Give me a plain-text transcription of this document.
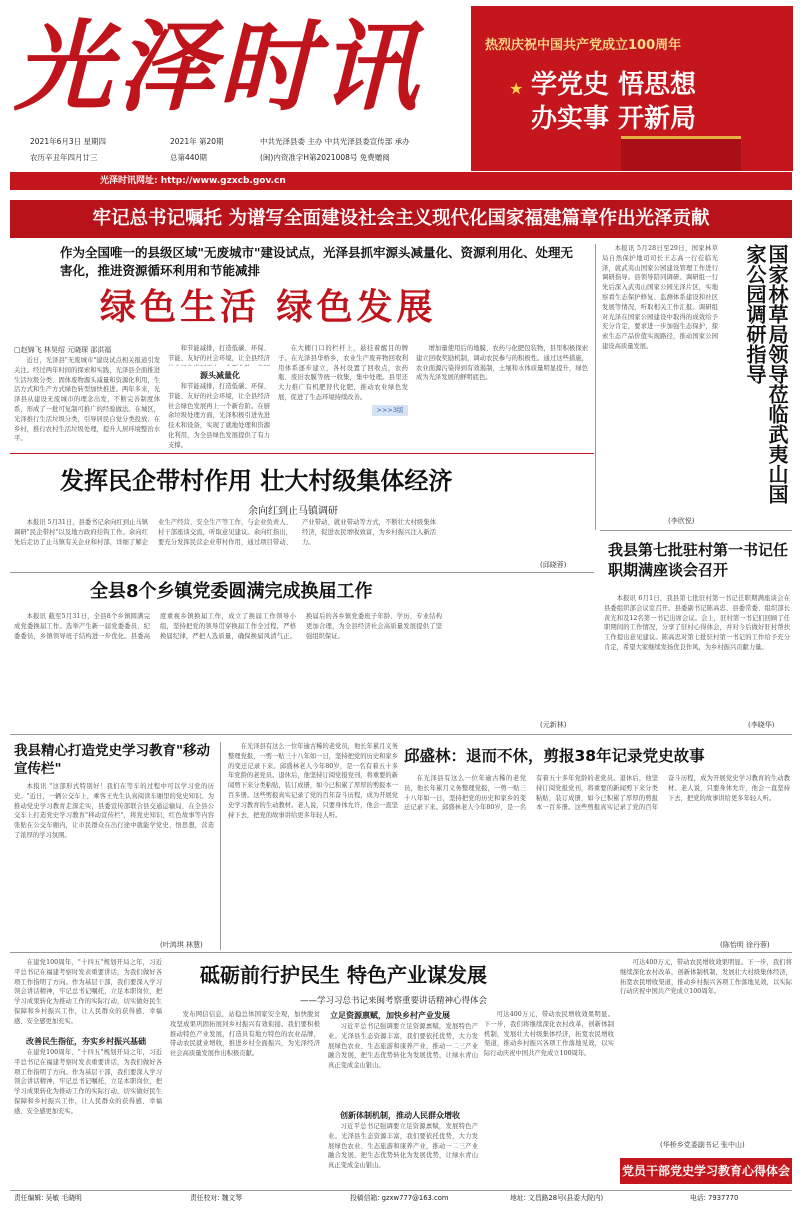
光泽时讯	热烈庆祝中国共产党成立100周年
★ 学党史 悟思想
办实事 开新局
2021年6月3日 星期四
农历辛丑年四月廿三
2021年 第20期
总第440期
中共光泽县委 主办 中共光泽县委宣传部 承办
(闽)内资准字H第2021008号 免费赠阅
光泽时讯网址: http://www.gzxcb.gov.cn
牢记总书记嘱托 为谱写全面建设社会主义现代化国家福建篇章作出光泽贡献
作为全国唯一的县级区域"无废城市"建设试点，光泽县抓牢源头减量化、资源利用化、处理无害化，推进资源循环利用和节能减排
绿色生活 绿色发展
□赵锦飞 林昊绍 元晓琛 邵洪福

近日，光泽县"无废城市"建设试点相关报道引发关注。经过两年时间的探索和实践，光泽县全面推进生活垃圾分类、固体废物源头减量和资源化利用，生活方式和生产方式绿色转型加快推进。两年多来，光泽县从建设无废城市的理念出发，不断完善制度体系，形成了一批可复制可推广的经验做法。在城区，光泽推行生活垃圾分类，引导居民自觉分类投放；在乡村，推行农村生活垃圾处理，提升人居环境整治水平。

和节能减排，打造低碳、环保、节能、友好的社会环境，让全县经济

源头减量化

和节能减排，打造低碳、环保、节能、友好的社会环境，让全县经济社会绿色发展再上一个新台阶。在厨余垃圾处理方面，光泽积极引进先进技术和设备，实现了就地处理和资源化利用，为全县绿色发展提供了有力支撑。

在大棚门口的栏杆上，悬挂着醒目的牌子。在光泽县华桥乡，农业生产废弃物回收利用体系逐步建立，各村设置了回收点，农药瓶、废旧农膜等统一收集，集中处理。县里还大力推广有机肥替代化肥，推动农业绿色发展，促进了生态环境持续改善。

增加量使用后的地膜、农药与化肥包装物，县里积极探索建立回收奖励机制，调动农民参与的积极性。通过这些措施，农业面源污染得到有效遏制，土壤和水体质量明显提升，绿色成为光泽发展的鲜明底色。

>>>3版

本报讯 5月28日至29日，国家林草局自然保护地司司长王志高一行莅临光泽，就武夷山国家公园建设管理工作进行调研指导。县领导陪同调研。调研组一行先后深入武夷山国家公园光泽片区，实地察看生态保护修复、监测体系建设和社区发展等情况，听取相关工作汇报。调研组对光泽在国家公园建设中取得的成效给予充分肯定，要求进一步加强生态保护，探索生态产品价值实现路径，推动国家公园建设高质量发展。	国家林草局领导莅临武夷山国家公园调研指导
(李欣悦)
发挥民企带村作用 壮大村级集体经济
余向红到止马镇调研

本报讯 5月31日，县委书记余向红到止马镇调研"民企带村"以及地方政府挂钩工作。余向红先后走访了止马镇有关企业和村部，详细了解企业生产经营、安全生产等工作，与企业负责人、村干部座谈交流，听取意见建议。余向红指出，要充分发挥民营企业带村作用，通过项目带动、产业带动、就业带动等方式，不断壮大村级集体经济，促进农民增收致富，为乡村振兴注入新活力。

(邱晓蓉)
我县第七批驻村第一书记任职期满座谈会召开

本报讯 6月1日，我县第七批驻村第一书记任职期满座谈会在县委组织部会议室召开。县委副书记陈高忠、县委常委、组织部长黄光和及12名第一书记出席会议。会上，驻村第一书记们回顾了任职期间的工作情况，分享了驻村心得体会，并对今后做好驻村帮扶工作提出意见建议。陈高忠对第七批驻村第一书记的工作给予充分肯定，希望大家继续发扬优良作风，为乡村振兴贡献力量。

(李晓华)
全县8个乡镇党委圆满完成换届工作

本报讯 截至5月31日，全县8个乡镇圆满完成党委换届工作。选举产生新一届党委委员、纪委委员，乡镇领导班子结构进一步优化。县委高度重视乡镇换届工作，成立了换届工作领导小组，坚持把党的领导贯穿换届工作全过程，严格换届纪律，严把人选质量，确保换届风清气正。换届后的各乡镇党委班子年龄、学历、专业结构更加合理，为全县经济社会高质量发展提供了坚强组织保证。

(元新林)
我县精心打造党史学习教育"移动宣传栏"

本报讯 "这部形式特别好！我们在等车的过程中可以学习党的历史。"近日，一辆公交车上，乘客王先生认真阅读车厢里的党史知识。为推动党史学习教育走深走实，县委宣传部联合县交通运输局，在全县公交车上打造党史学习教育"移动宣传栏"，将党史知识、红色故事等内容张贴在公交车厢内，让市民群众在出行途中就能学党史、悟思想，营造了浓厚的学习氛围。

(叶鸿琪 林慧)

在光泽县有这么一位年逾古稀的老党员，他长年累月义务整理党报，一剪一贴三十八年如一日，坚持把党的历史和家乡的变迁记录下来。邱盛林老人今年80岁，是一名有着五十多年党龄的老党员。退休后，他坚持订阅党报党刊，将重要的新闻剪下来分类粘贴，装订成册，如今已积累了厚厚的剪报本一百多册。这些剪报真实记录了党的百年奋斗历程，成为开展党史学习教育的生动教材。老人说，只要身体允许，他会一直坚持下去，把党的故事讲给更多年轻人听。

邱盛林：退而不休，剪报38年记录党史故事

在光泽县有这么一位年逾古稀的老党员，他长年累月义务整理党报，一剪一贴三十八年如一日，坚持把党的历史和家乡的变迁记录下来。邱盛林老人今年80岁，是一名有着五十多年党龄的老党员。退休后，他坚持订阅党报党刊，将重要的新闻剪下来分类粘贴，装订成册，如今已积累了厚厚的剪报本一百多册。这些剪报真实记录了党的百年奋斗历程，成为开展党史学习教育的生动教材。老人说，只要身体允许，他会一直坚持下去，把党的故事讲给更多年轻人听。

(陈怡明 徐丹蓉)

在建党100周年、"十四五"规划开局之年，习近平总书记在福建考察时发表重要讲话，为我们做好各项工作指明了方向。作为基层干部，我们要深入学习领会讲话精神，牢记总书记嘱托，立足本职岗位，把学习成果转化为推动工作的实际行动，切实做好民生保障和乡村振兴工作，让人民群众的获得感、幸福感、安全感更加充实。

砥砺前行护民生 特色产业谋发展
——学习习总书记来闽考察重要讲话精神心得体会
改善民生指征，夯实乡村振兴基础

在建党100周年、"十四五"规划开局之年，习近平总书记在福建考察时发表重要讲话，为我们做好各项工作指明了方向。作为基层干部，我们要深入学习领会讲话精神，牢记总书记嘱托，立足本职岗位，把学习成果转化为推动工作的实际行动，切实做好民生保障和乡村振兴工作，让人民群众的获得感、幸福感、安全感更加充实。

发布网信信息，站稳总体国家安全观，加快脱贫攻坚成果巩固拓展同乡村振兴有效衔接。我们要积极推动特色产业发展，打造具有地方特色的农业品牌，带动农民就业增收，推进乡村全面振兴，为光泽经济社会高质量发展作出积极贡献。

立足资源禀赋，加快乡村产业发展

习近平总书记强调要立足资源禀赋，发展特色产业。光泽县生态资源丰富，我们要依托优势，大力发展绿色农业、生态旅游和康养产业，推动一二三产业融合发展，把生态优势转化为发展优势，让绿水青山真正变成金山银山。

创新体制机制，推动人民群众增收

习近平总书记强调要立足资源禀赋，发展特色产业。光泽县生态资源丰富，我们要依托优势，大力发展绿色农业、生态旅游和康养产业，推动一二三产业融合发展，把生态优势转化为发展优势，让绿水青山真正变成金山银山。

可达400万元，带动农民增收效果明显。下一步，我们将继续深化农村改革，创新体制机制，发展壮大村级集体经济，拓宽农民增收渠道，推动乡村振兴各项工作落地见效，以实际行动庆祝中国共产党成立100周年。

可达400万元，带动农民增收效果明显。下一步，我们将继续深化农村改革，创新体制机制，发展壮大村级集体经济，拓宽农民增收渠道，推动乡村振兴各项工作落地见效，以实际行动庆祝中国共产党成立100周年。

(华桥乡党委副书记 张中山)
党员干部党史学习教育心得体会
责任编辑: 吴敏 毛晓明	责任校对: 魏文琴	投稿信箱: gzxw777@163.com	地址: 文昌路28号(县委大院内)	电话: 7937770
